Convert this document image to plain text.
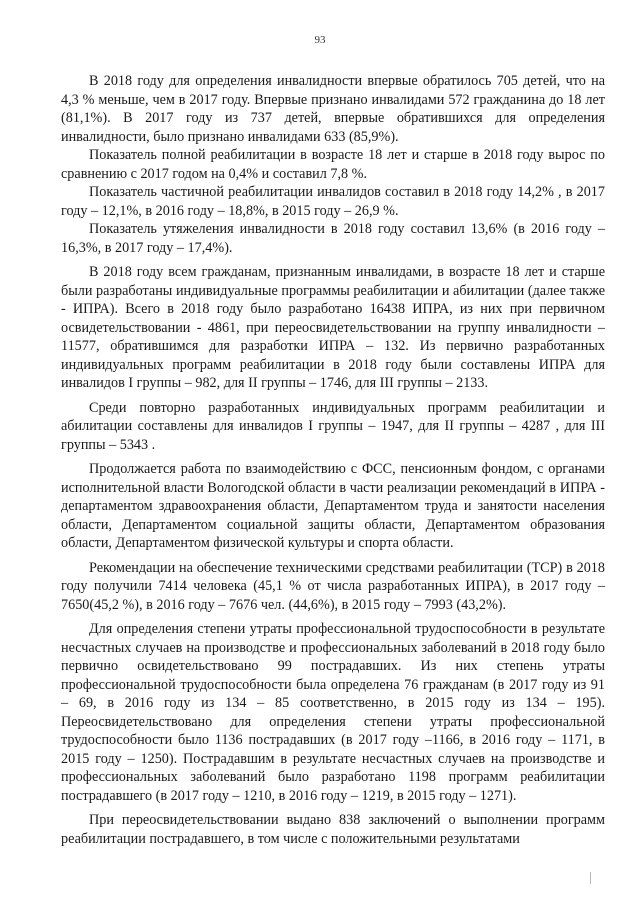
93

В 2018 году для определения инвалидности впервые обратилось 705 детей, что на 4,3 % меньше, чем в 2017 году. Впервые признано инвалидами 572 гражданина до 18 лет (81,1%). В 2017 году из 737 детей, впервые обратившихся для определения инвалидности, было признано инвалидами 633 (85,9%).

Показатель полной реабилитации в возрасте 18 лет и старше в 2018 году вырос по сравнению с 2017 годом на 0,4% и составил 7,8 %.

Показатель частичной реабилитации инвалидов составил в 2018 году 14,2% , в 2017 году – 12,1%, в 2016 году – 18,8%, в 2015 году – 26,9 %.

Показатель утяжеления инвалидности в 2018 году составил 13,6% (в 2016 году – 16,3%, в 2017 году – 17,4%).

В 2018 году всем гражданам, признанным инвалидами, в возрасте 18 лет и старше были разработаны индивидуальные программы реабилитации и абилитации (далее также - ИПРА). Всего в 2018 году было разработано 16438 ИПРА, из них при первичном освидетельствовании - 4861, при переосвидетельствовании на группу инвалидности – 11577, обратившимся для разработки ИПРА – 132. Из первично разработанных индивидуальных программ реабилитации в 2018 году были составлены ИПРА для инвалидов I группы – 982, для II группы – 1746, для III группы – 2133.

Среди повторно разработанных индивидуальных программ реабилитации и абилитации составлены для инвалидов I группы – 1947, для II группы – 4287 , для III группы – 5343 .

Продолжается работа по взаимодействию с ФСС, пенсионным фондом, с органами исполнительной власти Вологодской области в части реализации рекомендаций в ИПРА - департаментом здравоохранения области, Департаментом труда и занятости населения области, Департаментом социальной защиты области, Департаментом образования области, Департаментом физической культуры и спорта области.

Рекомендации на обеспечение техническими средствами реабилитации (ТСР) в 2018 году получили 7414 человека (45,1 % от числа разработанных ИПРА), в 2017 году – 7650(45,2 %), в 2016 году – 7676 чел. (44,6%), в 2015 году – 7993 (43,2%).

Для определения степени утраты профессиональной трудоспособности в результате несчастных случаев на производстве и профессиональных заболеваний в 2018 году было первично освидетельствовано 99 пострадавших. Из них степень утраты профессиональной трудоспособности была определена 76 гражданам (в 2017 году из 91 – 69, в 2016 году из 134 – 85 соответственно, в 2015 году из 134 – 195). Переосвидетельствовано для определения степени утраты профессиональной трудоспособности было 1136 пострадавших (в 2017 году –1166, в 2016 году – 1171, в 2015 году – 1250). Пострадавшим в результате несчастных случаев на производстве и профессиональных заболеваний было разработано 1198 программ реабилитации пострадавшего (в 2017 году – 1210, в 2016 году – 1219, в 2015 году – 1271).

При переосвидетельствовании выдано 838 заключений о выполнении программ реабилитации пострадавшего, в том числе с положительными результатами
